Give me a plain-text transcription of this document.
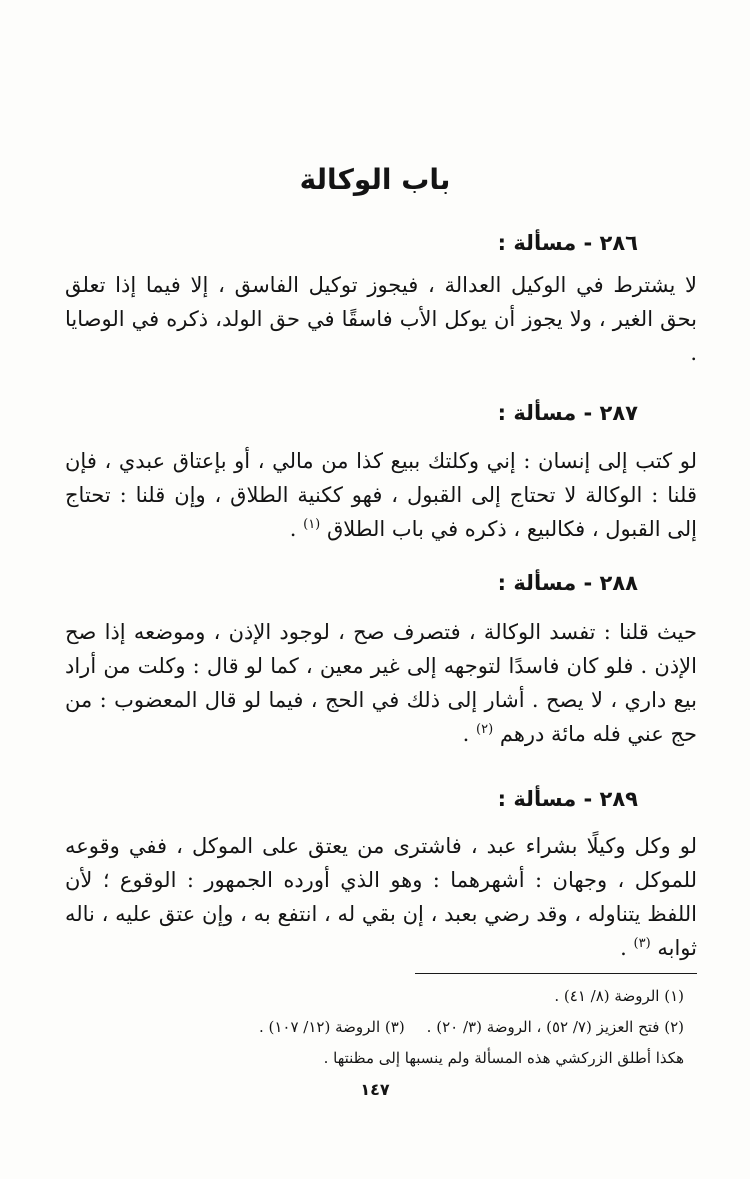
باب الوكالة
٢٨٦ - مسألة :

لا يشترط في الوكيل العدالة ، فيجوز توكيل الفاسق ، إلا فيما إذا تعلق بحق الغير ، ولا يجوز أن يوكل الأب فاسقًا في حق الولد، ذكره في الوصايا .

٢٨٧ - مسألة :

لو كتب إلى إنسان : إني وكلتك ببيع كذا من مالي ، أو بإعتاق عبدي ، فإن قلنا : الوكالة لا تحتاج إلى القبول ، فهو ككنية الطلاق ، وإن قلنا : تحتاج إلى القبول ، فكالبيع ، ذكره في باب الطلاق $^{(١)}$ .

٢٨٨ - مسألة :

حيث قلنا : تفسد الوكالة ، فتصرف صح ، لوجود الإذن ، وموضعه إذا صح الإذن . فلو كان فاسدًا لتوجهه إلى غير معين ، كما لو قال : وكلت من أراد بيع داري ، لا يصح . أشار إلى ذلك في الحج ، فيما لو قال المعضوب : من حج عني فله مائة درهم $^{(٢)}$ .

٢٨٩ - مسألة :

لو وكل وكيلًا بشراء عبد ، فاشترى من يعتق على الموكل ، ففي وقوعه للموكل ، وجهان : أشهرهما : وهو الذي أورده الجمهور : الوقوع ؛ لأن اللفظ يتناوله ، وقد رضي بعبد ، إن بقي له ، انتفع به ، وإن عتق عليه ، ناله ثوابه $^{(٣)}$ .

(١) الروضة (٨/ ٤١) .

(٢) فتح العزيز (٧/ ٥٢) ، الروضة (٣/ ٢٠) .(٣) الروضة (١٢/ ١٠٧) .

هكذا أطلق الزركشي هذه المسألة ولم ينسبها إلى مظنتها .

١٤٧
